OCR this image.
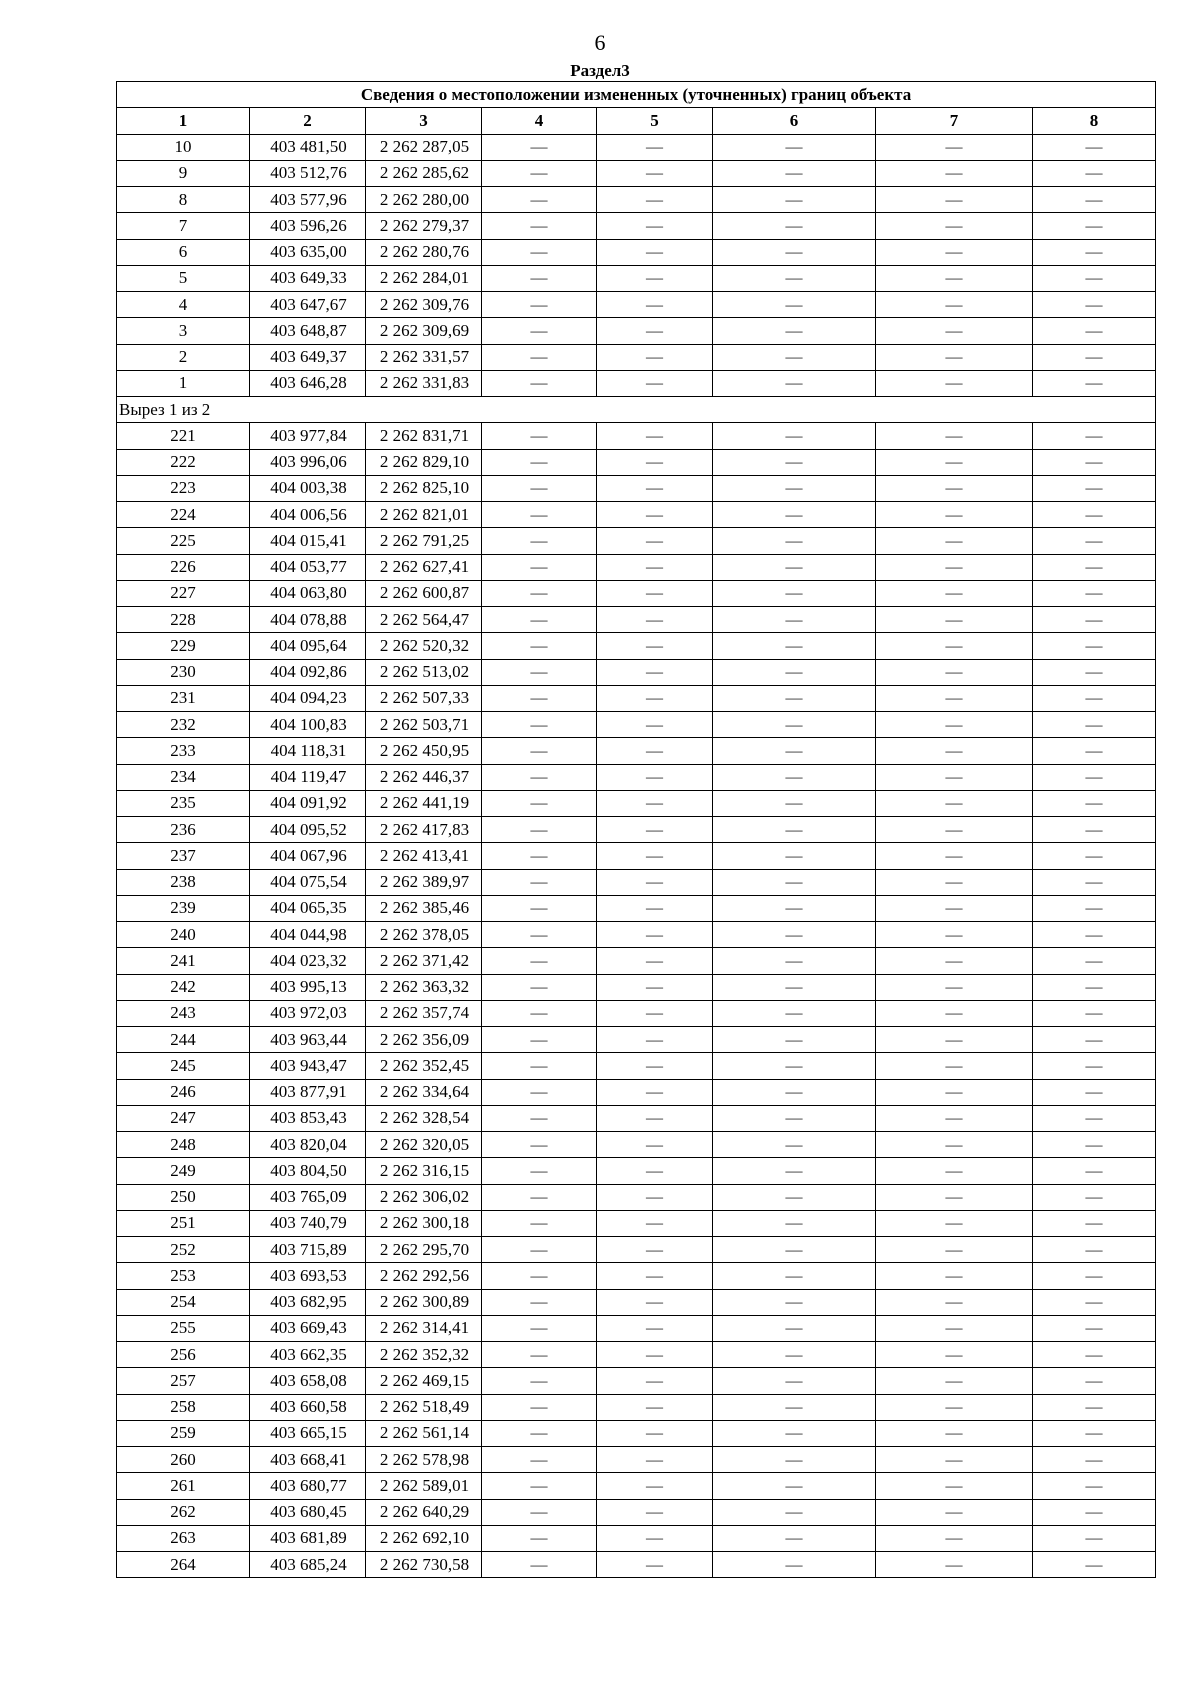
6
Раздел3
Сведения о местоположении измененных (уточненных) границ объекта							
1	2	3	4	5	6	7	8
10	403 481,50	2 262 287,05	—	—	—	—	—
9	403 512,76	2 262 285,62	—	—	—	—	—
8	403 577,96	2 262 280,00	—	—	—	—	—
7	403 596,26	2 262 279,37	—	—	—	—	—
6	403 635,00	2 262 280,76	—	—	—	—	—
5	403 649,33	2 262 284,01	—	—	—	—	—
4	403 647,67	2 262 309,76	—	—	—	—	—
3	403 648,87	2 262 309,69	—	—	—	—	—
2	403 649,37	2 262 331,57	—	—	—	—	—
1	403 646,28	2 262 331,83	—	—	—	—	—
Вырез 1 из 2							
221	403 977,84	2 262 831,71	—	—	—	—	—
222	403 996,06	2 262 829,10	—	—	—	—	—
223	404 003,38	2 262 825,10	—	—	—	—	—
224	404 006,56	2 262 821,01	—	—	—	—	—
225	404 015,41	2 262 791,25	—	—	—	—	—
226	404 053,77	2 262 627,41	—	—	—	—	—
227	404 063,80	2 262 600,87	—	—	—	—	—
228	404 078,88	2 262 564,47	—	—	—	—	—
229	404 095,64	2 262 520,32	—	—	—	—	—
230	404 092,86	2 262 513,02	—	—	—	—	—
231	404 094,23	2 262 507,33	—	—	—	—	—
232	404 100,83	2 262 503,71	—	—	—	—	—
233	404 118,31	2 262 450,95	—	—	—	—	—
234	404 119,47	2 262 446,37	—	—	—	—	—
235	404 091,92	2 262 441,19	—	—	—	—	—
236	404 095,52	2 262 417,83	—	—	—	—	—
237	404 067,96	2 262 413,41	—	—	—	—	—
238	404 075,54	2 262 389,97	—	—	—	—	—
239	404 065,35	2 262 385,46	—	—	—	—	—
240	404 044,98	2 262 378,05	—	—	—	—	—
241	404 023,32	2 262 371,42	—	—	—	—	—
242	403 995,13	2 262 363,32	—	—	—	—	—
243	403 972,03	2 262 357,74	—	—	—	—	—
244	403 963,44	2 262 356,09	—	—	—	—	—
245	403 943,47	2 262 352,45	—	—	—	—	—
246	403 877,91	2 262 334,64	—	—	—	—	—
247	403 853,43	2 262 328,54	—	—	—	—	—
248	403 820,04	2 262 320,05	—	—	—	—	—
249	403 804,50	2 262 316,15	—	—	—	—	—
250	403 765,09	2 262 306,02	—	—	—	—	—
251	403 740,79	2 262 300,18	—	—	—	—	—
252	403 715,89	2 262 295,70	—	—	—	—	—
253	403 693,53	2 262 292,56	—	—	—	—	—
254	403 682,95	2 262 300,89	—	—	—	—	—
255	403 669,43	2 262 314,41	—	—	—	—	—
256	403 662,35	2 262 352,32	—	—	—	—	—
257	403 658,08	2 262 469,15	—	—	—	—	—
258	403 660,58	2 262 518,49	—	—	—	—	—
259	403 665,15	2 262 561,14	—	—	—	—	—
260	403 668,41	2 262 578,98	—	—	—	—	—
261	403 680,77	2 262 589,01	—	—	—	—	—
262	403 680,45	2 262 640,29	—	—	—	—	—
263	403 681,89	2 262 692,10	—	—	—	—	—
264	403 685,24	2 262 730,58	—	—	—	—	—
